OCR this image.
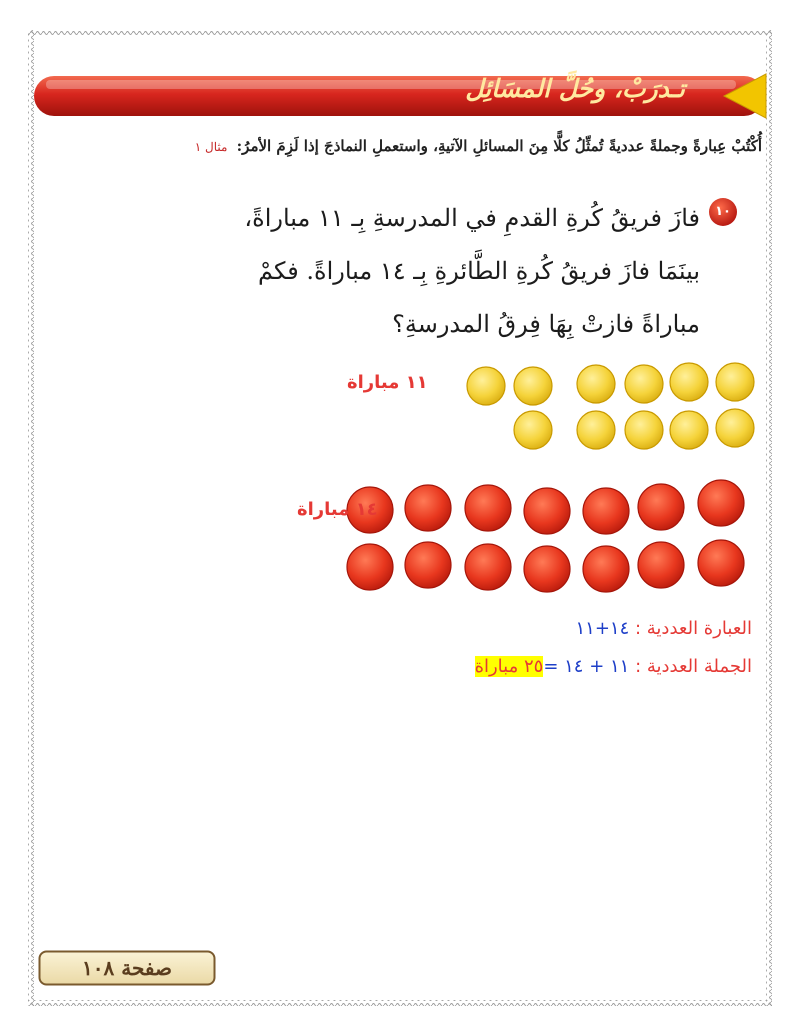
تـدرَبْ، وحُلَّ المسَائِل
أُكْتُبْ عِبارةً وجملةً عدديةً تُمثِّلُ كلًّا مِنَ المسائلِ الآتيةِ، واستعملِ النماذجَ إذا لَزِمَ الأمرُ: مثال ١
١٠
فازَ فريقُ كُرةِ القدمِ في المدرسةِ بِـ ١١ مباراةً،
بينَمَا فازَ فريقُ كُرةِ الطَّائرةِ بِـ ١٤ مباراةً. فكمْ
مباراةً فازتْ بِهَا فِرقُ المدرسةِ؟
١١ مباراة
١٤ مباراة
العبارة العددية : ١٤+١١
الجملة العددية : ١١ + ١٤ =٢٥ مباراة
صفحة ١٠٨
